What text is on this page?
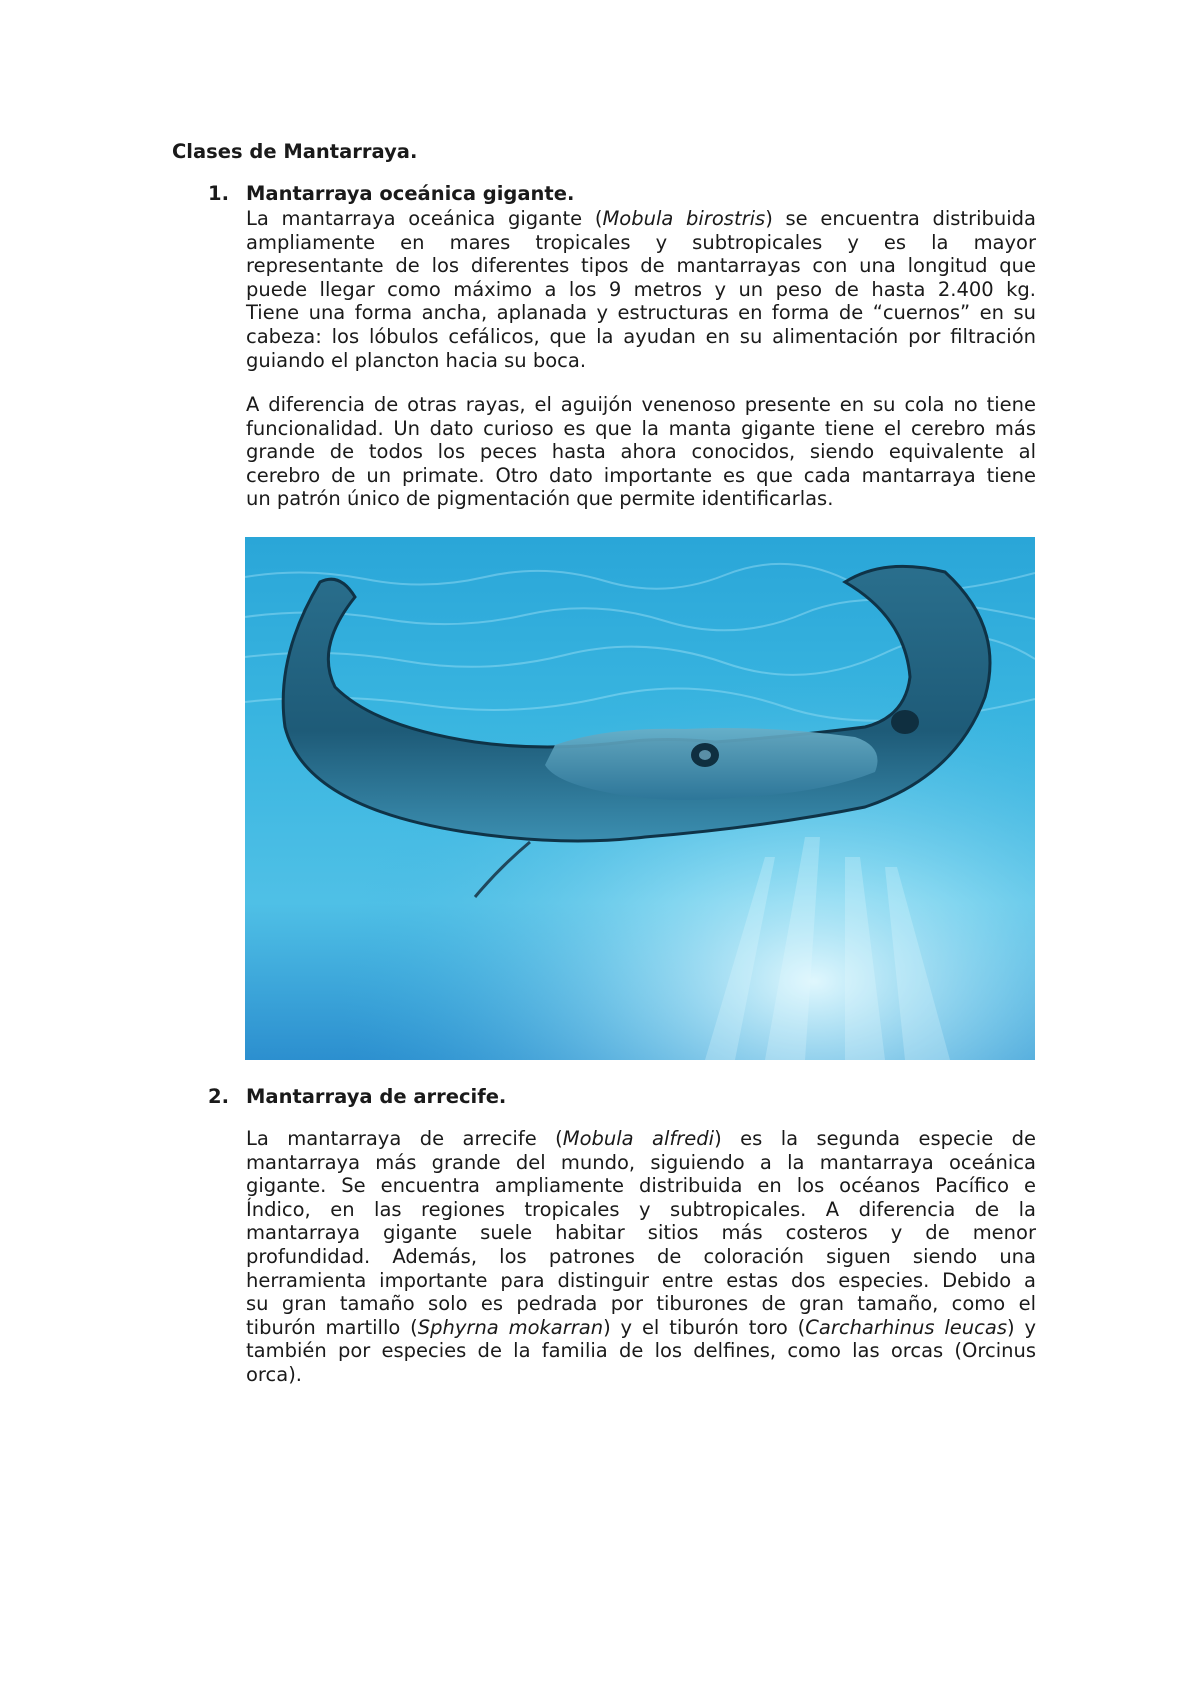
Clases de Mantarraya.

1. Mantarraya oceánica gigante.

La mantarraya oceánica gigante (Mobula birostris) se encuentra distribuida
ampliamente en mares tropicales y subtropicales y es la mayor
representante de los diferentes tipos de mantarrayas con una longitud que
puede llegar como máximo a los 9 metros y un peso de hasta 2.400 kg.
Tiene una forma ancha, aplanada y estructuras en forma de “cuernos” en su
cabeza: los lóbulos cefálicos, que la ayudan en su alimentación por filtración
guiando el plancton hacia su boca.
A diferencia de otras rayas, el aguijón venenoso presente en su cola no tiene
funcionalidad. Un dato curioso es que la manta gigante tiene el cerebro más
grande de todos los peces hasta ahora conocidos, siendo equivalente al
cerebro de un primate. Otro dato importante es que cada mantarraya tiene
un patrón único de pigmentación que permite identificarlas.

2. Mantarraya de arrecife.

La mantarraya de arrecife (Mobula alfredi) es la segunda especie de
mantarraya más grande del mundo, siguiendo a la mantarraya oceánica
gigante. Se encuentra ampliamente distribuida en los océanos Pacífico e
Índico, en las regiones tropicales y subtropicales. A diferencia de la
mantarraya gigante suele habitar sitios más costeros y de menor
profundidad. Además, los patrones de coloración siguen siendo una
herramienta importante para distinguir entre estas dos especies. Debido a
su gran tamaño solo es pedrada por tiburones de gran tamaño, como el
tiburón martillo (Sphyrna mokarran) y el tiburón toro (Carcharhinus leucas) y
también por especies de la familia de los delfines, como las orcas (Orcinus
orca).
